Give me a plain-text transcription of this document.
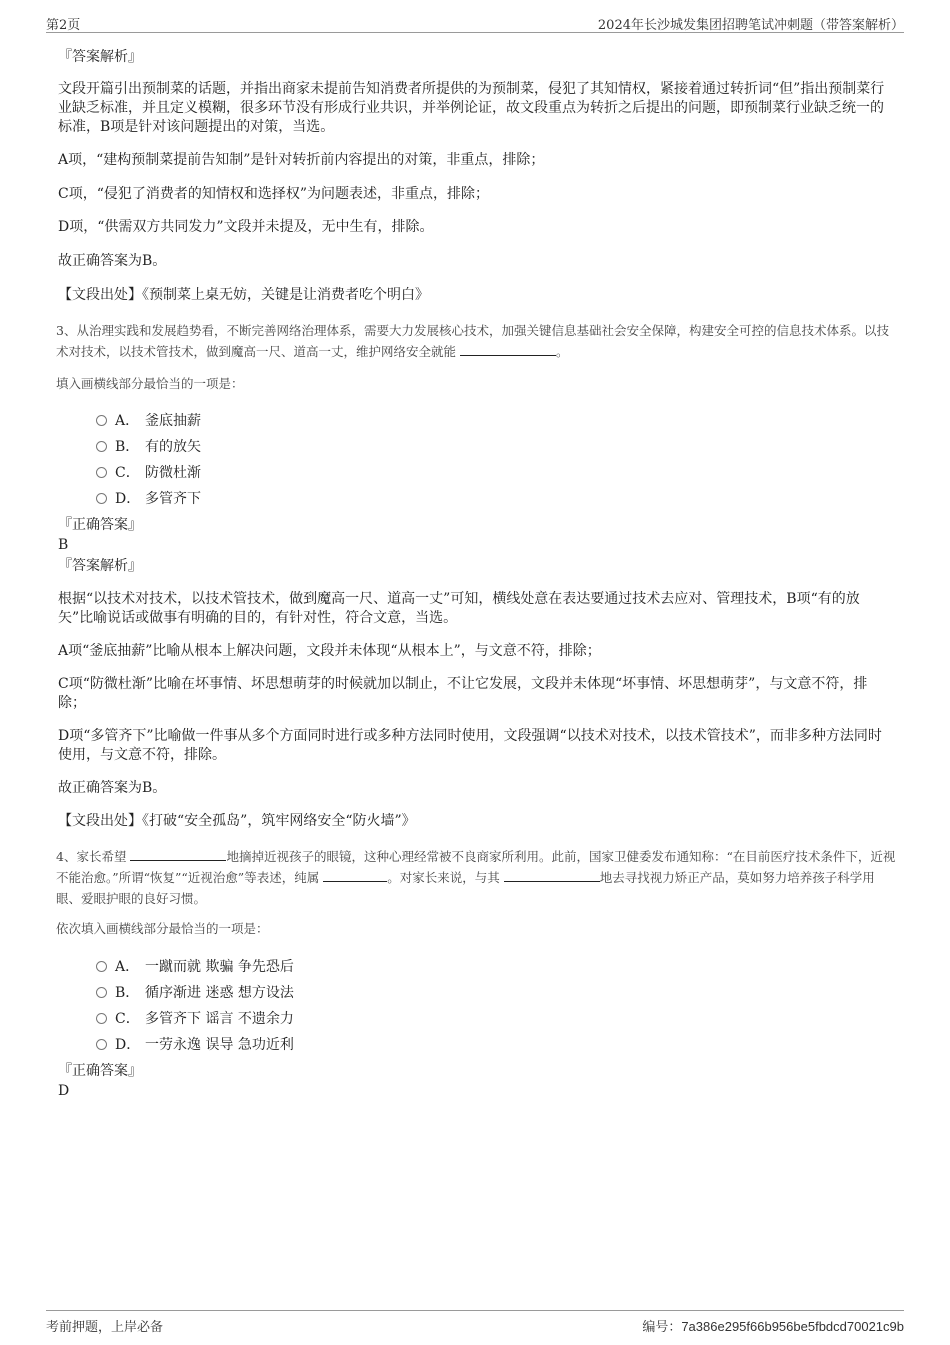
第2页	2024年长沙城发集团招聘笔试冲刺题（带答案解析）

『答案解析』

文段开篇引出预制菜的话题，并指出商家未提前告知消费者所提供的为预制菜，侵犯了其知情权，紧接着通过转折词“但”指出预制菜行业缺乏标准，并且定义模糊，很多环节没有形成行业共识，并举例论证，故文段重点为转折之后提出的问题，即预制菜行业缺乏统一的标准，B项是针对该问题提出的对策，当选。

A项，“建构预制菜提前告知制”是针对转折前内容提出的对策，非重点，排除；

C项，“侵犯了消费者的知情权和选择权”为问题表述，非重点，排除；

D项，“供需双方共同发力”文段并未提及，无中生有，排除。

故正确答案为B。

【文段出处】《预制菜上桌无妨，关键是让消费者吃个明白》

3、从治理实践和发展趋势看，不断完善网络治理体系，需要大力发展核心技术，加强关键信息基础社会安全保障，构建安全可控的信息技术体系。以技术对技术，以技术管技术，做到魔高一尺、道高一丈，维护网络安全就能	。

填入画横线部分最恰当的一项是：

A． 釜底抽薪
B． 有的放矢
C． 防微杜渐
D． 多管齐下

『正确答案』

B

『答案解析』

根据“以技术对技术，以技术管技术，做到魔高一尺、道高一丈”可知，横线处意在表达要通过技术去应对、管理技术，B项“有的放矢”比喻说话或做事有明确的目的，有针对性，符合文意，当选。

A项“釜底抽薪”比喻从根本上解决问题，文段并未体现“从根本上”，与文意不符，排除；

C项“防微杜渐”比喻在坏事情、坏思想萌芽的时候就加以制止，不让它发展，文段并未体现“坏事情、坏思想萌芽”，与文意不符，排除；

D项“多管齐下”比喻做一件事从多个方面同时进行或多种方法同时使用，文段强调“以技术对技术，以技术管技术”，而非多种方法同时使用，与文意不符，排除。

故正确答案为B。

【文段出处】《打破“安全孤岛”，筑牢网络安全“防火墙”》

4、家长希望	地摘掉近视孩子的眼镜，这种心理经常被不良商家所利用。此前，国家卫健委发布通知称：“在目前医疗技术条件下，近视不能治愈。”所谓“恢复”“近视治愈”等表述，纯属	。对家长来说，与其	地去寻找视力矫正产品，莫如努力培养孩子科学用眼、爱眼护眼的良好习惯。

依次填入画横线部分最恰当的一项是：

A． 一蹴而就 欺骗 争先恐后
B． 循序渐进 迷惑 想方设法
C． 多管齐下 谣言 不遗余力
D． 一劳永逸 误导 急功近利

『正确答案』

D

考前押题，上岸必备	编号：7a386e295f66b956be5fbdcd70021c9b
